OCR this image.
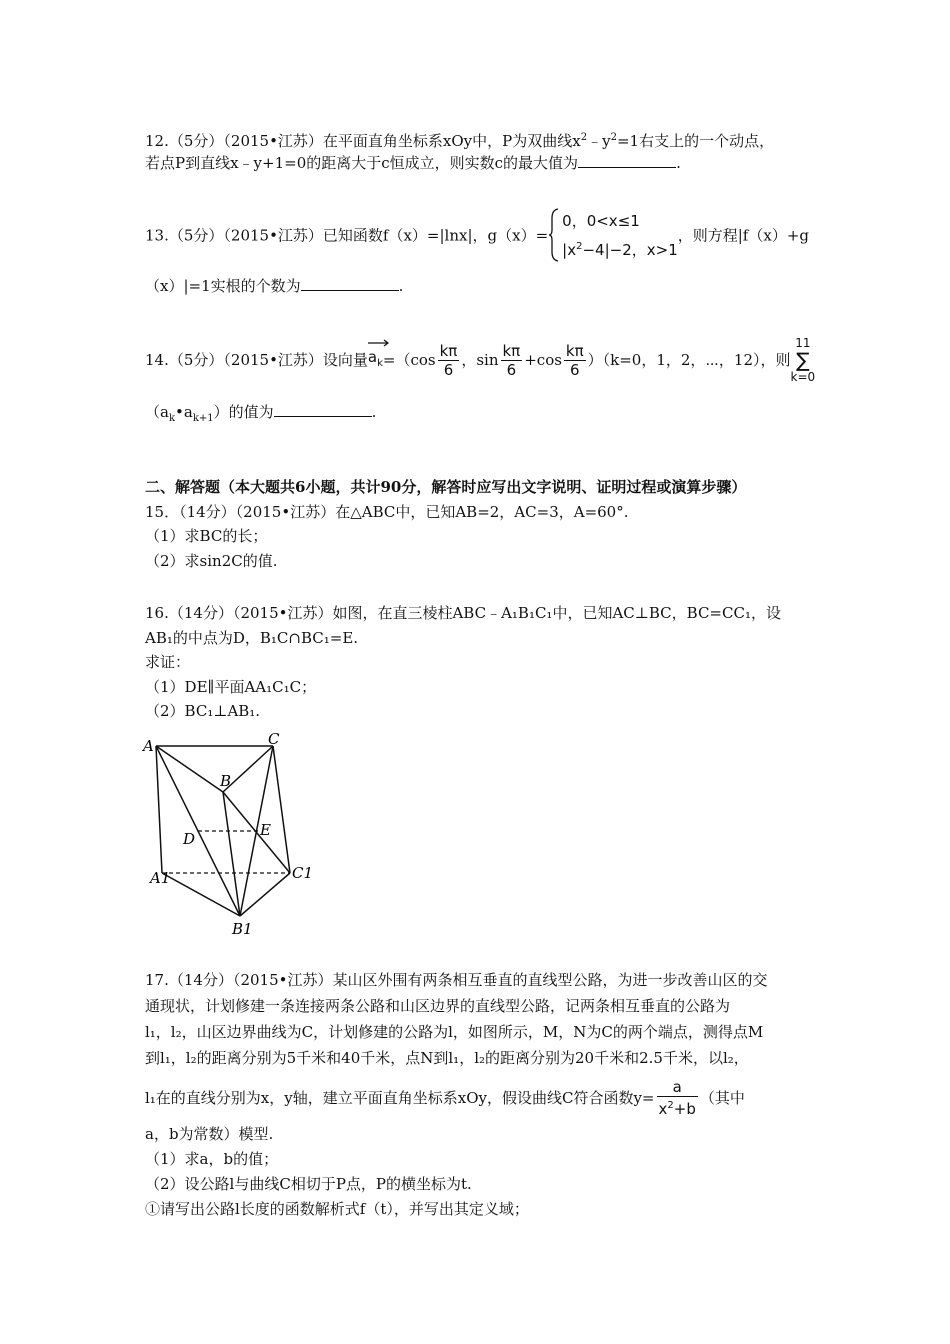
12.（5分）（2015•江苏）在平面直角坐标系xOy中，P为双曲线$x^2﹣y^2=1$右支上的一个动点，
若点P到直线x﹣y+1=0的距离大于c恒成立，则实数c的最大值为	.
13.（5分）（2015•江苏）已知函数f（x）=|lnx|，g（x）=
0，0<x≤1
$|x^2-4|-2$，x>1
，则方程|f（x）+g
（x）|=1实根的个数为	.
14.（5分）（2015•江苏）设向量
$a_k=(\cos \frac{k\pi}{6}$ ，$\sin \frac{k\pi}{6} +\cos \frac{k\pi}{6} )(k=0$，1，2，⋯，12），则
11
∑
k=0
$(a_k•a_{k+1})$的值为	.
二、解答题（本大题共6小题，共计90分，解答时应写出文字说明、证明过程或演算步骤）
15．（14分）（2015•江苏）在△ABC中，已知AB=2，AC=3，A=60°.
（1）求BC的长；
（2）求sin2C的值.
16.（14分）（2015•江苏）如图，在直三棱柱ABC﹣A₁B₁C₁中，已知AC⊥BC，BC=CC₁，设
AB₁的中点为D，B₁C∩BC₁=E.
求证：
（1）DE∥平面AA₁C₁C；
（2）BC₁⊥AB₁.
A	C
B
D	E
A1	C1
B1
17.（14分）（2015•江苏）某山区外围有两条相互垂直的直线型公路，为进一步改善山区的交
通现状，计划修建一条连接两条公路和山区边界的直线型公路，记两条相互垂直的公路为
l₁，l₂，山区边界曲线为C，计划修建的公路为l，如图所示，M，N为C的两个端点，测得点M
到l₁，l₂的距离分别为5千米和40千米，点N到l₁，l₂的距离分别为20千米和2.5千米，以l₂，
l₁在的直线分别为x，y轴，建立平面直角坐标系xOy，假设曲线C符合函数$y= \frac{a}{x^2+b}$ （其中
a，b为常数）模型.
（1）求a，b的值；
（2）设公路l与曲线C相切于P点，P的横坐标为t.
①请写出公路l长度的函数解析式f（t），并写出其定义域；
